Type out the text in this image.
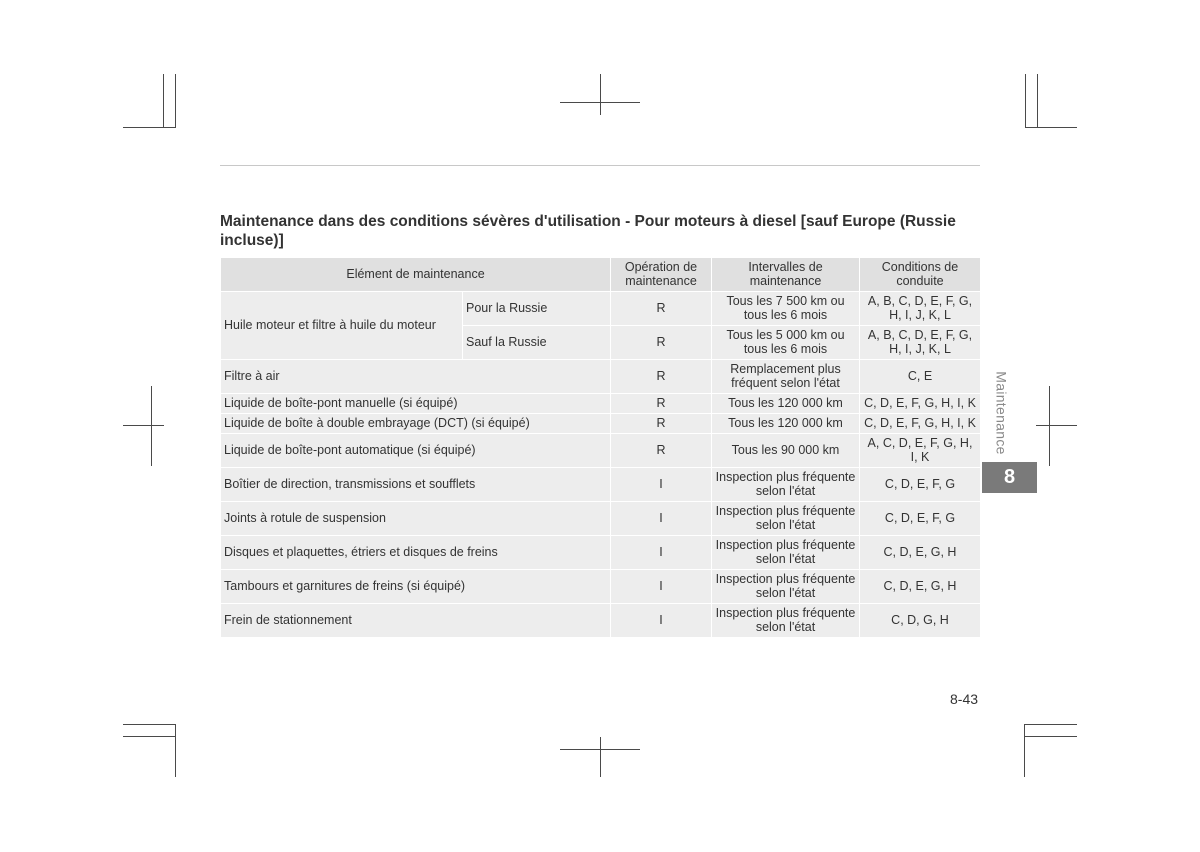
Maintenance dans des conditions sévères d'utilisation - Pour moteurs à diesel [sauf Europe (Russie incluse)]
Elément de maintenance		Opération de maintenance	Intervalles de maintenance	Conditions de conduite
Huile moteur et filtre à huile du moteur	Pour la Russie	R	Tous les 7 500 km ou tous les 6 mois	A, B, C, D, E, F, G, H, I, J, K, L
	Sauf la Russie	R	Tous les 5 000 km ou tous les 6 mois	A, B, C, D, E, F, G, H, I, J, K, L
Filtre à air		R	Remplacement plus fréquent selon l'état	C, E
Liquide de boîte-pont manuelle (si équipé)		R	Tous les 120 000 km	C, D, E, F, G, H, I, K
Liquide de boîte à double embrayage (DCT) (si équipé)		R	Tous les 120 000 km	C, D, E, F, G, H, I, K
Liquide de boîte-pont automatique (si équipé)		R	Tous les 90 000 km	A, C, D, E, F, G, H, I, K
Boîtier de direction, transmissions et soufflets		I	Inspection plus fréquente selon l'état	C, D, E, F, G
Joints à rotule de suspension		I	Inspection plus fréquente selon l'état	C, D, E, F, G
Disques et plaquettes, étriers et disques de freins		I	Inspection plus fréquente selon l'état	C, D, E, G, H
Tambours et garnitures de freins (si équipé)		I	Inspection plus fréquente selon l'état	C, D, E, G, H
Frein de stationnement		I	Inspection plus fréquente selon l'état	C, D, G, H
Maintenance
8
8-43
